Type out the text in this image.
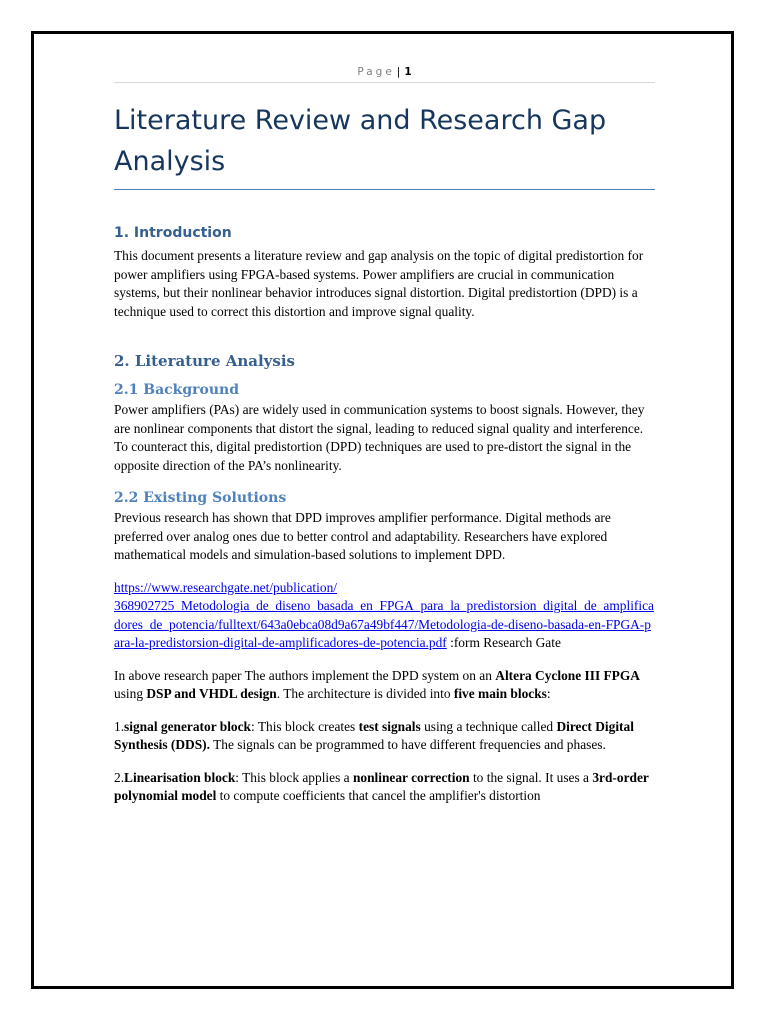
Page | 1
Literature Review and Research Gap Analysis
1. Introduction

This document presents a literature review and gap analysis on the topic of digital predistortion for power amplifiers using FPGA-based systems. Power amplifiers are crucial in communication systems, but their nonlinear behavior introduces signal distortion. Digital predistortion (DPD) is a technique used to correct this distortion and improve signal quality.

2. Literature Analysis
2.1 Background

Power amplifiers (PAs) are widely used in communication systems to boost signals. However, they are nonlinear components that distort the signal, leading to reduced signal quality and interference. To counteract this, digital predistortion (DPD) techniques are used to pre-distort the signal in the opposite direction of the PA’s nonlinearity.

2.2 Existing Solutions

Previous research has shown that DPD improves amplifier performance. Digital methods are preferred over analog ones due to better control and adaptability. Researchers have explored mathematical models and simulation-based solutions to implement DPD.

https://www.researchgate.net/publication/
368902725_Metodologia_de_diseno_basada_en_FPGA_para_la_predistorsion_digital_de_amplificadores_de_potencia/fulltext/643a0ebca08d9a67a49bf447/Metodologia-de-diseno-basada-en-FPGA-para-la-predistorsion-digital-de-amplificadores-de-potencia.pdf :form Research Gate

In above research paper The authors implement the DPD system on an Altera Cyclone III FPGA using DSP and VHDL design. The architecture is divided into five main blocks:

1.signal generator block: This block creates test signals using a technique called Direct Digital Synthesis (DDS). The signals can be programmed to have different frequencies and phases.

2.Linearisation block: This block applies a nonlinear correction to the signal. It uses a 3rd-order polynomial model to compute coefficients that cancel the amplifier's distortion
